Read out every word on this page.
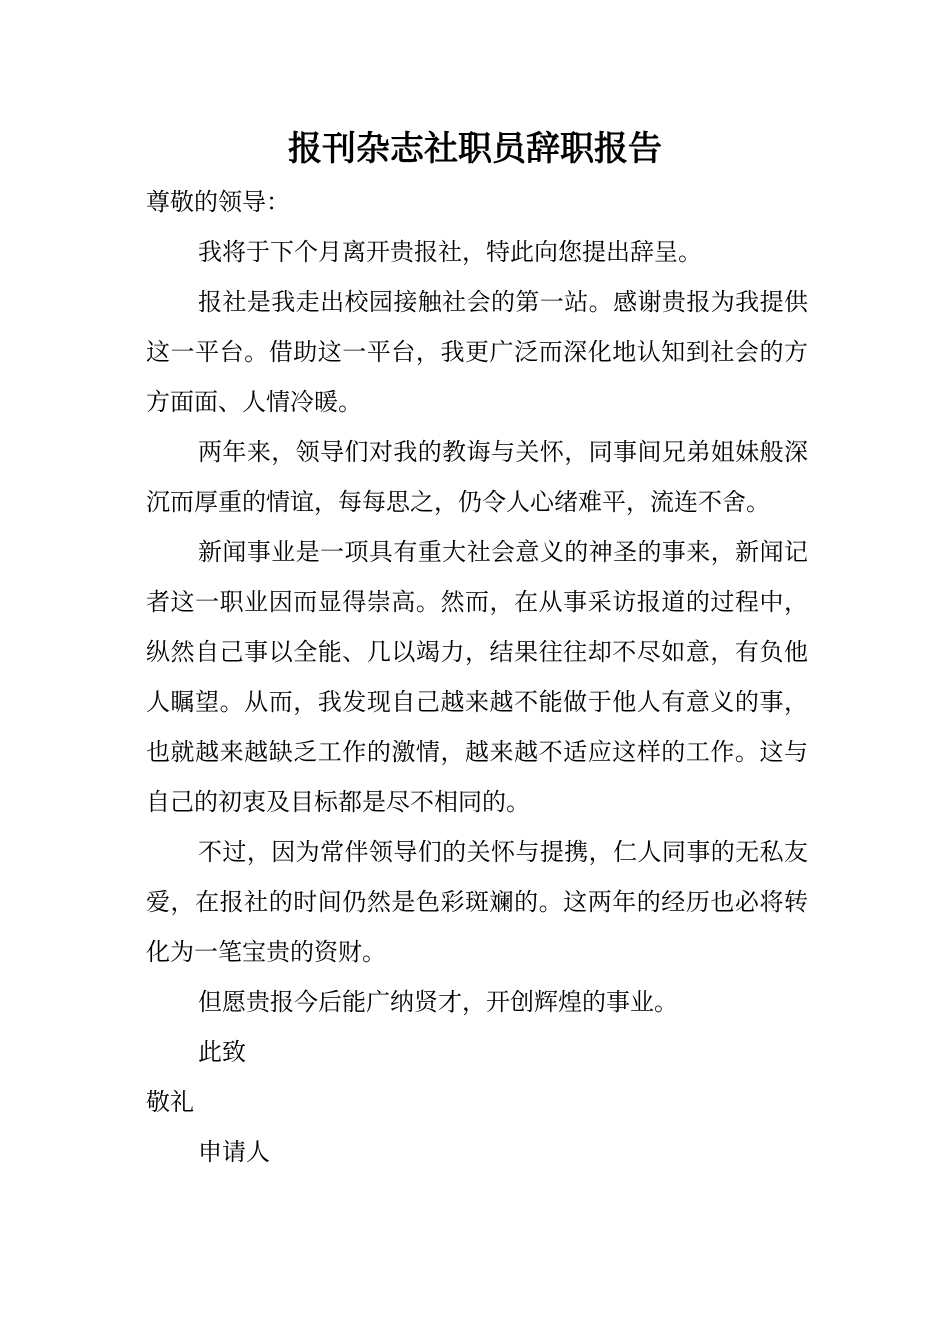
报刊杂志社职员辞职报告

尊敬的领导：

我将于下个月离开贵报社，特此向您提出辞呈。

报社是我走出校园接触社会的第一站。感谢贵报为我提供这一平台。借助这一平台，我更广泛而深化地认知到社会的方方面面、人情冷暖。

两年来，领导们对我的教诲与关怀，同事间兄弟姐妹般深沉而厚重的情谊，每每思之，仍令人心绪难平，流连不舍。

新闻事业是一项具有重大社会意义的神圣的事来，新闻记者这一职业因而显得崇高。然而，在从事采访报道的过程中，纵然自己事以全能、几以竭力，结果往往却不尽如意，有负他人瞩望。从而，我发现自己越来越不能做于他人有意义的事，也就越来越缺乏工作的激情，越来越不适应这样的工作。这与自己的初衷及目标都是尽不相同的。

不过，因为常伴领导们的关怀与提携，仁人同事的无私友爱，在报社的时间仍然是色彩斑斓的。这两年的经历也必将转化为一笔宝贵的资财。

但愿贵报今后能广纳贤才，开创辉煌的事业。

此致

敬礼

申请人
